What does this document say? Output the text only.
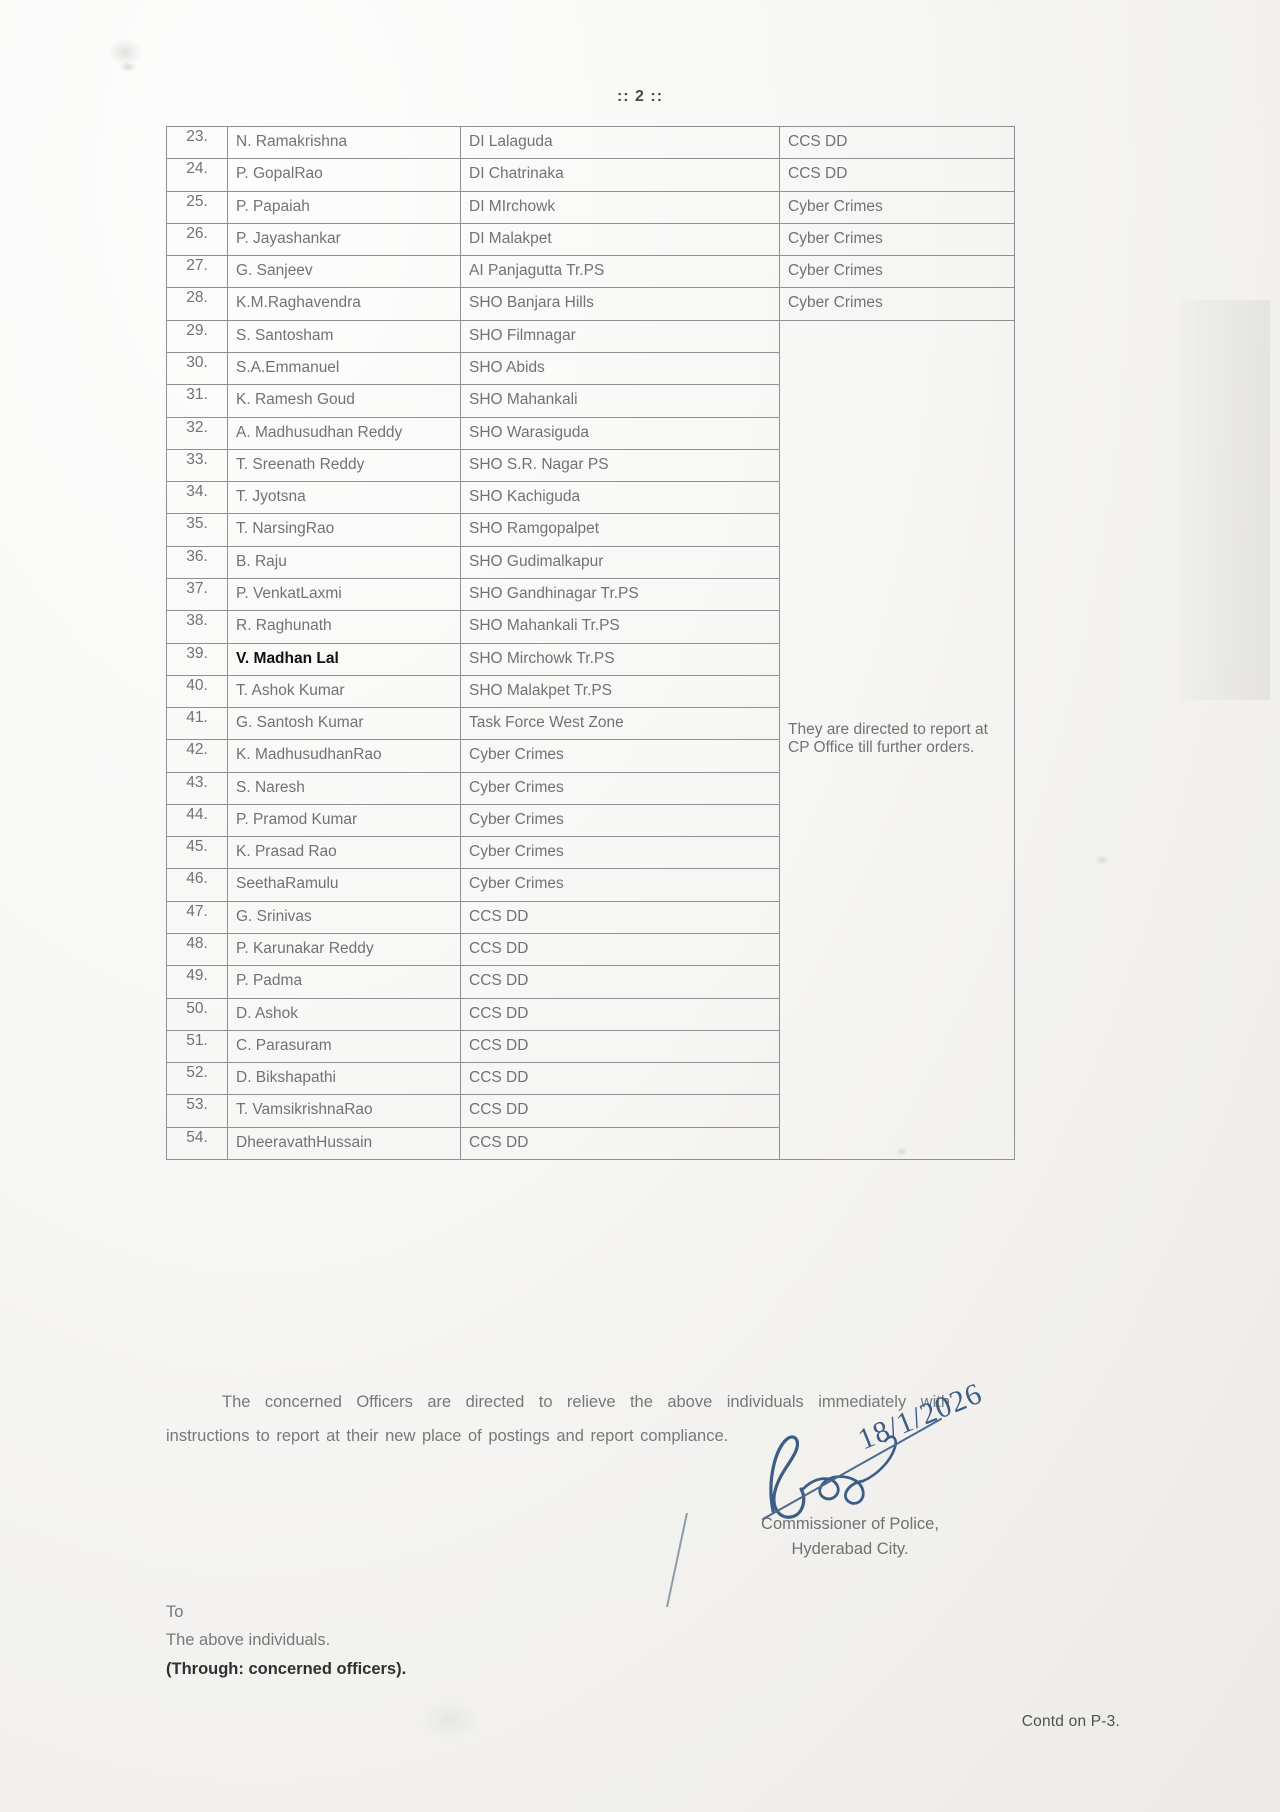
:: 2 ::
23.	N. Ramakrishna	DI Lalaguda	CCS DD
24.	P. GopalRao	DI Chatrinaka	CCS DD
25.	P. Papaiah	DI MIrchowk	Cyber Crimes
26.	P. Jayashankar	DI Malakpet	Cyber Crimes
27.	G. Sanjeev	AI Panjagutta Tr.PS	Cyber Crimes
28.	K.M.Raghavendra	SHO Banjara Hills	Cyber Crimes
29.	S. Santosham	SHO Filmnagar	They are directed to report at CP Office till further orders.
30.	S.A.Emmanuel	SHO Abids	
31.	K. Ramesh Goud	SHO Mahankali	
32.	A. Madhusudhan Reddy	SHO Warasiguda	
33.	T. Sreenath Reddy	SHO S.R. Nagar PS	
34.	T. Jyotsna	SHO Kachiguda	
35.	T. NarsingRao	SHO Ramgopalpet	
36.	B. Raju	SHO Gudimalkapur	
37.	P. VenkatLaxmi	SHO Gandhinagar Tr.PS	
38.	R. Raghunath	SHO Mahankali Tr.PS	
39.	V. Madhan Lal	SHO Mirchowk Tr.PS	
40.	T. Ashok Kumar	SHO Malakpet Tr.PS	
41.	G. Santosh Kumar	Task Force West Zone	
42.	K. MadhusudhanRao	Cyber Crimes	
43.	S. Naresh	Cyber Crimes	
44.	P. Pramod Kumar	Cyber Crimes	
45.	K. Prasad Rao	Cyber Crimes	
46.	SeethaRamulu	Cyber Crimes	
47.	G. Srinivas	CCS DD	
48.	P. Karunakar Reddy	CCS DD	
49.	P. Padma	CCS DD	
50.	D. Ashok	CCS DD	
51.	C. Parasuram	CCS DD	
52.	D. Bikshapathi	CCS DD	
53.	T. VamsikrishnaRao	CCS DD	
54.	DheeravathHussain	CCS DD	
The concerned Officers are directed to relieve the above individuals immediately with instructions to report at their new place of postings and report compliance.	18/1/2026
Commissioner of Police,
Hyderabad City.
To
The above individuals.
(Through: concerned officers).
Contd on P-3.
